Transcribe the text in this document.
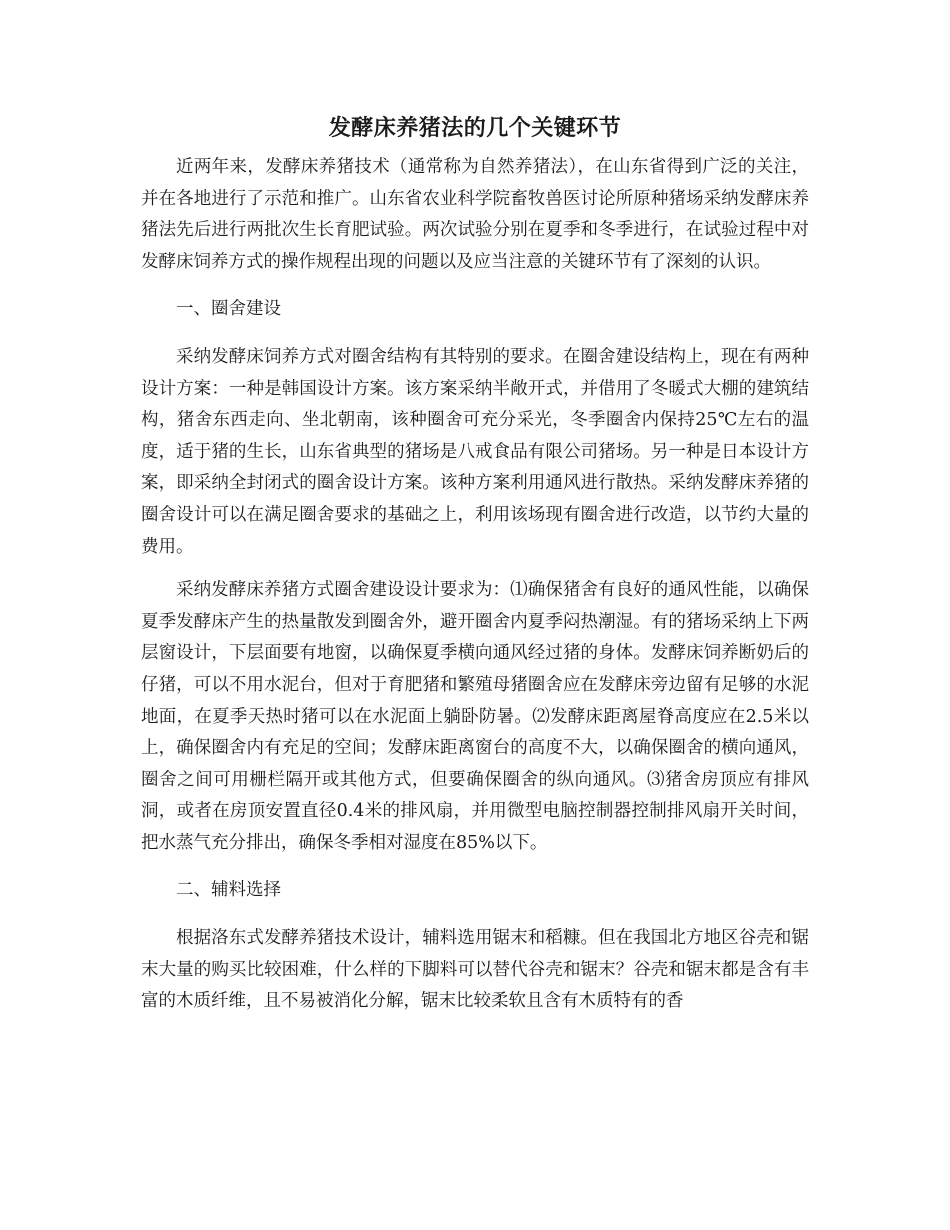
发酵床养猪法的几个关键环节

近两年来，发酵床养猪技术（通常称为自然养猪法），在山东省得到广泛的关注，并在各地进行了示范和推广。山东省农业科学院畜牧兽医讨论所原种猪场采纳发酵床养猪法先后进行两批次生长育肥试验。两次试验分别在夏季和冬季进行，在试验过程中对发酵床饲养方式的操作规程出现的问题以及应当注意的关键环节有了深刻的认识。

一、圈舍建设

采纳发酵床饲养方式对圈舍结构有其特别的要求。在圈舍建设结构上，现在有两种设计方案：一种是韩国设计方案。该方案采纳半敞开式，并借用了冬暖式大棚的建筑结构，猪舍东西走向、坐北朝南，该种圈舍可充分采光，冬季圈舍内保持25℃左右的温度，适于猪的生长，山东省典型的猪场是八戒食品有限公司猪场。另一种是日本设计方案，即采纳全封闭式的圈舍设计方案。该种方案利用通风进行散热。采纳发酵床养猪的圈舍设计可以在满足圈舍要求的基础之上，利用该场现有圈舍进行改造，以节约大量的费用。

采纳发酵床养猪方式圈舍建设设计要求为：⑴确保猪舍有良好的通风性能，以确保夏季发酵床产生的热量散发到圈舍外，避开圈舍内夏季闷热潮湿。有的猪场采纳上下两层窗设计，下层面要有地窗，以确保夏季横向通风经过猪的身体。发酵床饲养断奶后的仔猪，可以不用水泥台，但对于育肥猪和繁殖母猪圈舍应在发酵床旁边留有足够的水泥地面，在夏季天热时猪可以在水泥面上躺卧防暑。⑵发酵床距离屋脊高度应在2.5米以上，确保圈舍内有充足的空间；发酵床距离窗台的高度不大，以确保圈舍的横向通风，圈舍之间可用栅栏隔开或其他方式，但要确保圈舍的纵向通风。⑶猪舍房顶应有排风洞，或者在房顶安置直径0.4米的排风扇，并用微型电脑控制器控制排风扇开关时间，把水蒸气充分排出，确保冬季相对湿度在85%以下。

二、辅料选择

根据洛东式发酵养猪技术设计，辅料选用锯末和稻糠。但在我国北方地区谷壳和锯末大量的购买比较困难，什么样的下脚料可以替代谷壳和锯末？谷壳和锯末都是含有丰富的木质纤维，且不易被消化分解，锯末比较柔软且含有木质特有的香
